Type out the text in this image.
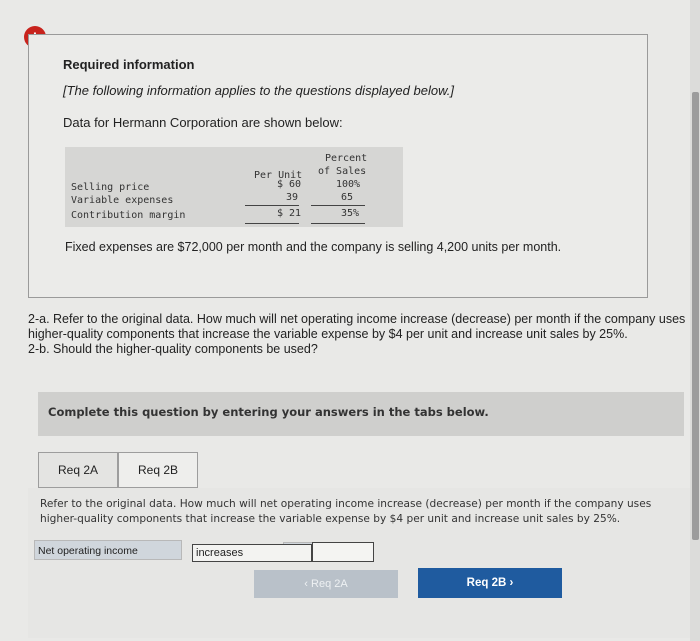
Required information
[The following information applies to the questions displayed below.]
Data for Hermann Corporation are shown below:
Per Unit
Percent
of Sales
Selling price	$ 60	100%
Variable expenses	39	65
Contribution margin	$ 21	35%
Fixed expenses are $72,000 per month and the company is selling 4,200 units per month.
2-a. Refer to the original data. How much will net operating income increase (decrease) per month if the company uses higher-quality components that increase the variable expense by $4 per unit and increase unit sales by 25%.
2-b. Should the higher-quality components be used?
Complete this question by entering your answers in the tabs below.
Req 2A	Req 2B
Refer to the original data. How much will net operating income increase (decrease) per month if the company uses higher-quality components that increase the variable expense by $4 per unit and increase unit sales by 25%.
Net operating income	increases
‹ Req 2A	Req 2B ›
